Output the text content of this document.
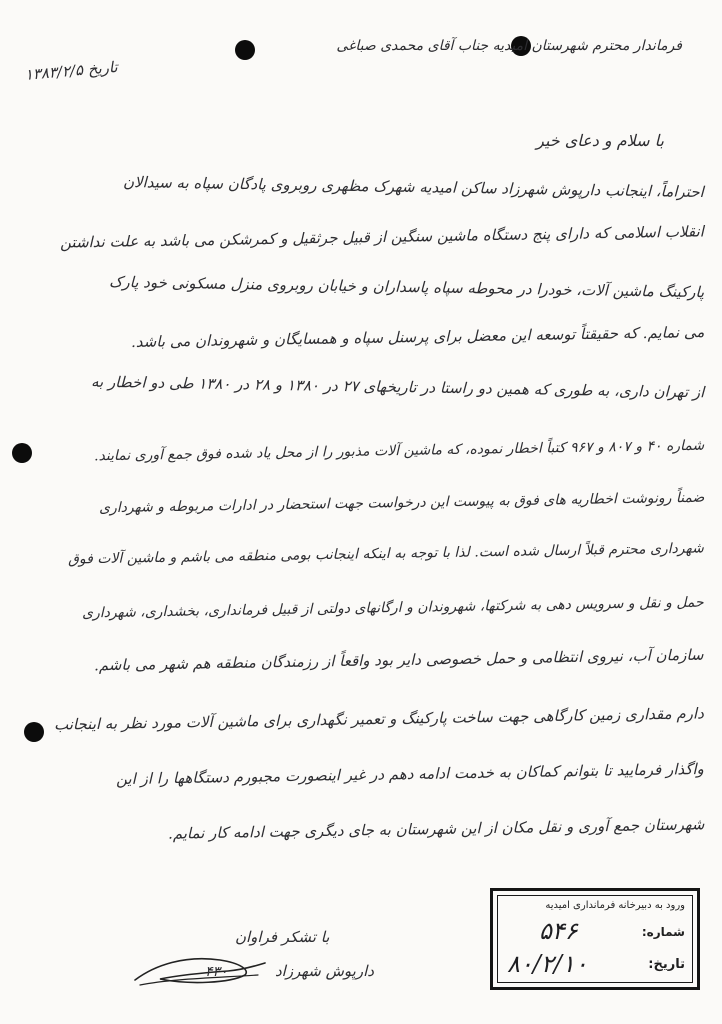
فرماندار محترم شهرستان امیدیه جناب آقای محمدی صباغی
تاریخ ۱۳۸۳/۲/۵
با سلام و دعای خیر
احتراماً، اینجانب دارپوش شهرزاد ساکن امیدیه شهرک مظهری روبروی پادگان سپاه به سیدالان
انقلاب اسلامی که دارای پنج دستگاه ماشین سنگین از قبیل جرثقیل و کمرشکن می باشد به علت نداشتن
پارکینگ ماشین آلات، خودرا در محوطه سپاه پاسداران و خیابان روبروی منزل مسکونی خود پارک
می نمایم. که حقیقتاً توسعه این معضل برای پرسنل سپاه و همسایگان و شهروندان می باشد.
از تهران داری، به طوری که همین دو راستا در تاریخهای ۲۷ در ۱۳۸۰ و ۲۸ در ۱۳۸۰ طی دو اخطار به
شماره ۴۰ و ۸۰۷ و ۹۶۷ کتباً اخطار نموده، که ماشین آلات مذبور را از محل یاد شده فوق جمع آوری نمایند.
ضمناً رونوشت اخطاریه های فوق به پیوست این درخواست جهت استحضار در ادارات مربوطه و شهرداری
شهرداری محترم قبلاً ارسال شده است. لذا با توجه به اینکه اینجانب بومی منطقه می باشم و ماشین آلات فوق
حمل و نقل و سرویس دهی به شرکتها، شهروندان و ارگانهای دولتی از قبیل فرمانداری، بخشداری، شهرداری
سازمان آب، نیروی انتظامی و حمل خصوصی دایر بود واقعاً از رزمندگان منطقه هم شهر می باشم.
دارم مقداری زمین کارگاهی جهت ساخت پارکینگ و تعمیر نگهداری برای ماشین آلات مورد نظر به اینجانب
واگذار فرمایید تا بتوانم کماکان به خدمت ادامه دهم در غیر اینصورت مجبورم دستگاهها را از این
شهرستان جمع آوری و نقل مکان از این شهرستان به جای دیگری جهت ادامه کار نمایم.
با تشکر فراوان
دارپوش شهرزاد
۴۳۰
ورود به دبیرخانه فرمانداری امیدیه
شماره:
۵۴۶
تاریخ:
۸۰/۲/۱۰
